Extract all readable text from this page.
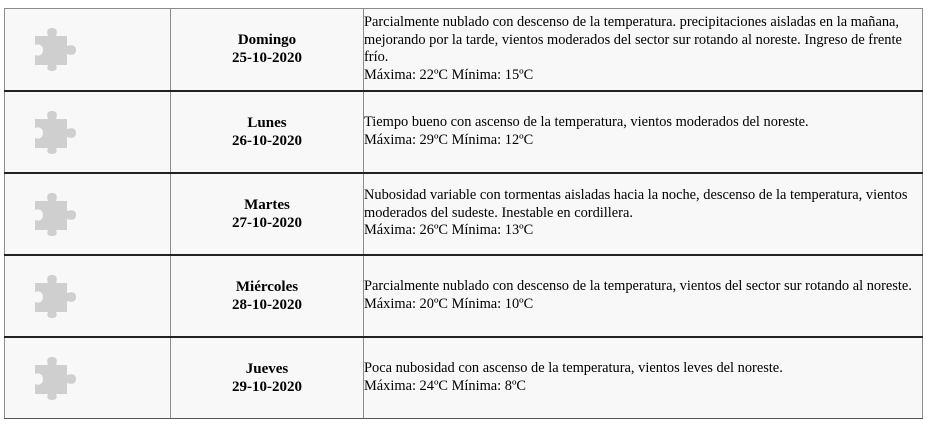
Domingo
25-10-2020	Parcialmente nublado con descenso de la temperatura. precipitaciones aisladas en la mañana, mejorando por la tarde, vientos moderados del sector sur rotando al noreste. Ingreso de frente frío.
Máxima: 22ºC Mínima: 15ºC

Lunes
26-10-2020	Tiempo bueno con ascenso de la temperatura, vientos moderados del noreste.
Máxima: 29ºC Mínima: 12ºC

Martes
27-10-2020	Nubosidad variable con tormentas aisladas hacia la noche, descenso de la temperatura, vientos moderados del sudeste. Inestable en cordillera.
Máxima: 26ºC Mínima: 13ºC

Miércoles
28-10-2020	Parcialmente nublado con descenso de la temperatura, vientos del sector sur rotando al noreste.
Máxima: 20ºC Mínima: 10ºC

Jueves
29-10-2020	Poca nubosidad con ascenso de la temperatura, vientos leves del noreste.
Máxima: 24ºC Mínima: 8ºC
